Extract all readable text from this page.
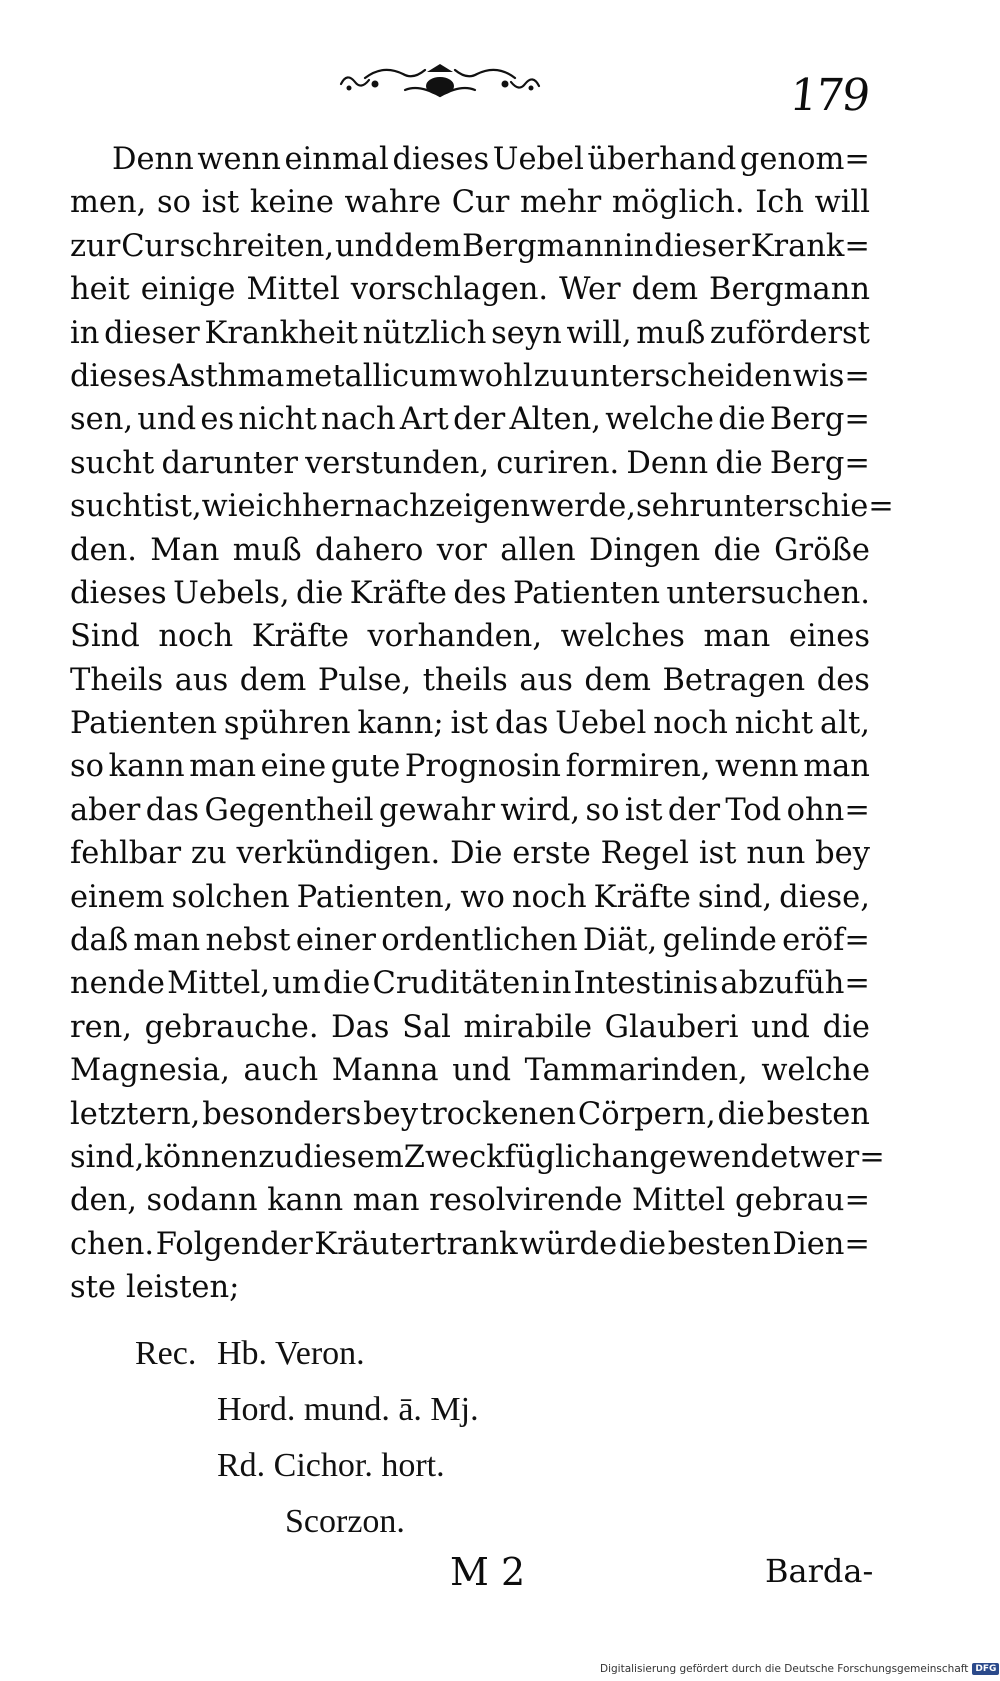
179
Denn wenn einmal dieses Uebel überhand genom=
men, so ist keine wahre Cur mehr möglich. Ich will
zur Cur schreiten, und dem Bergmann in dieser Krank=
heit einige Mittel vorschlagen. Wer dem Bergmann
in dieser Krankheit nützlich seyn will, muß zuförderst
dieses Asthma metallicum wohl zu unterscheiden wis=
sen, und es nicht nach Art der Alten, welche die Berg=
sucht darunter verstunden, curiren. Denn die Berg=
sucht ist, wie ich hernach zeigen werde, sehr unterschie=
den. Man muß dahero vor allen Dingen die Größe
dieses Uebels, die Kräfte des Patienten untersuchen.
Sind noch Kräfte vorhanden, welches man eines
Theils aus dem Pulse, theils aus dem Betragen des
Patienten spühren kann; ist das Uebel noch nicht alt,
so kann man eine gute Prognosin formiren, wenn man
aber das Gegentheil gewahr wird, so ist der Tod ohn=
fehlbar zu verkündigen. Die erste Regel ist nun bey
einem solchen Patienten, wo noch Kräfte sind, diese,
daß man nebst einer ordentlichen Diät, gelinde eröf=
nende Mittel, um die Cruditäten in Intestinis abzufüh=
ren, gebrauche. Das Sal mirabile Glauberi und die
Magnesia, auch Manna und Tammarinden, welche
letztern, besonders bey trockenen Cörpern, die besten
sind, können zu diesem Zweck füglich angewendet wer=
den, sodann kann man resolvirende Mittel gebrau=
chen. Folgender Kräutertrank würde die besten Dien=
ste leisten;
Rec. Hb. Veron.
Hord. mund. ā. Mj.
Rd. Cichor. hort.
Scorzon.
M 2	Barda-
Digitalisierung gefördert durch die Deutsche Forschungsgemeinschaft DFG
